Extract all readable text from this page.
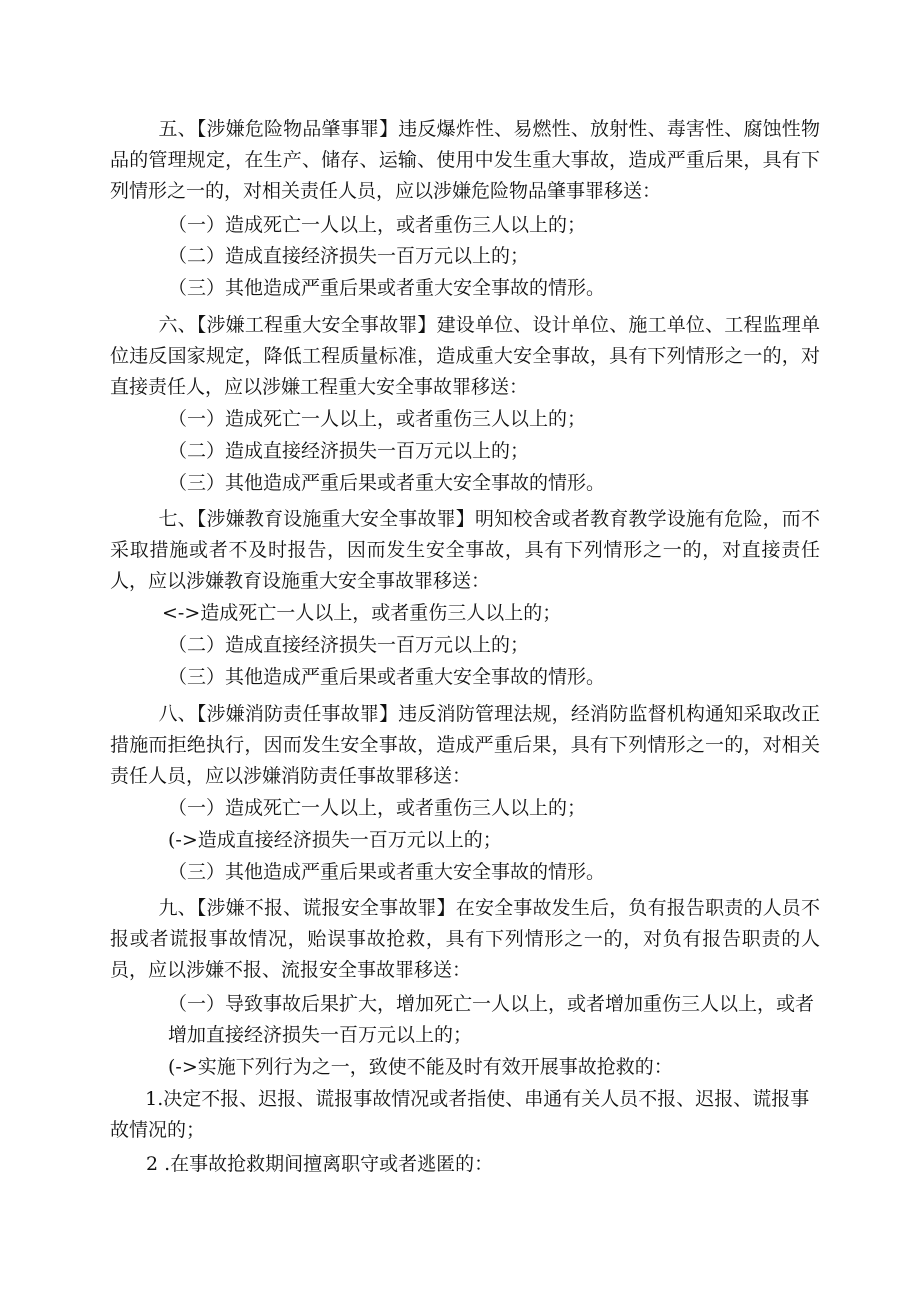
五、【涉嫌危险物品肇事罪】违反爆炸性、易燃性、放射性、毒害性、腐蚀性物品的管理规定，在生产、储存、运输、使用中发生重大事故，造成严重后果，具有下列情形之一的，对相关责任人员，应以涉嫌危险物品肇事罪移送：

（一）造成死亡一人以上，或者重伤三人以上的；

（二）造成直接经济损失一百万元以上的；

（三）其他造成严重后果或者重大安全事故的情形。

六、【涉嫌工程重大安全事故罪】建设单位、设计单位、施工单位、工程监理单位违反国家规定，降低工程质量标准，造成重大安全事故，具有下列情形之一的，对直接责任人，应以涉嫌工程重大安全事故罪移送：

（一）造成死亡一人以上，或者重伤三人以上的；

（二）造成直接经济损失一百万元以上的；

（三）其他造成严重后果或者重大安全事故的情形。

七、【涉嫌教育设施重大安全事故罪】明知校舍或者教育教学设施有危险，而不采取措施或者不及时报告，因而发生安全事故，具有下列情形之一的，对直接责任人，应以涉嫌教育设施重大安全事故罪移送：

<->造成死亡一人以上，或者重伤三人以上的；

（二）造成直接经济损失一百万元以上的；

（三）其他造成严重后果或者重大安全事故的情形。

八、【涉嫌消防责任事故罪】违反消防管理法规，经消防监督机构通知采取改正措施而拒绝执行，因而发生安全事故，造成严重后果，具有下列情形之一的，对相关责任人员，应以涉嫌消防责任事故罪移送：

（一）造成死亡一人以上，或者重伤三人以上的；

(->造成直接经济损失一百万元以上的；

（三）其他造成严重后果或者重大安全事故的情形。

九、【涉嫌不报、谎报安全事故罪】在安全事故发生后，负有报告职责的人员不报或者谎报事故情况，贻误事故抢救，具有下列情形之一的，对负有报告职责的人员，应以涉嫌不报、流报安全事故罪移送：

（一）导致事故后果扩大，增加死亡一人以上，或者增加重伤三人以上，或者增加直接经济损失一百万元以上的；

(->实施下列行为之一，致使不能及时有效开展事故抢救的：

1.决定不报、迟报、谎报事故情况或者指使、串通有关人员不报、迟报、谎报事故情况的；

2 .在事故抢救期间擅离职守或者逃匿的：
